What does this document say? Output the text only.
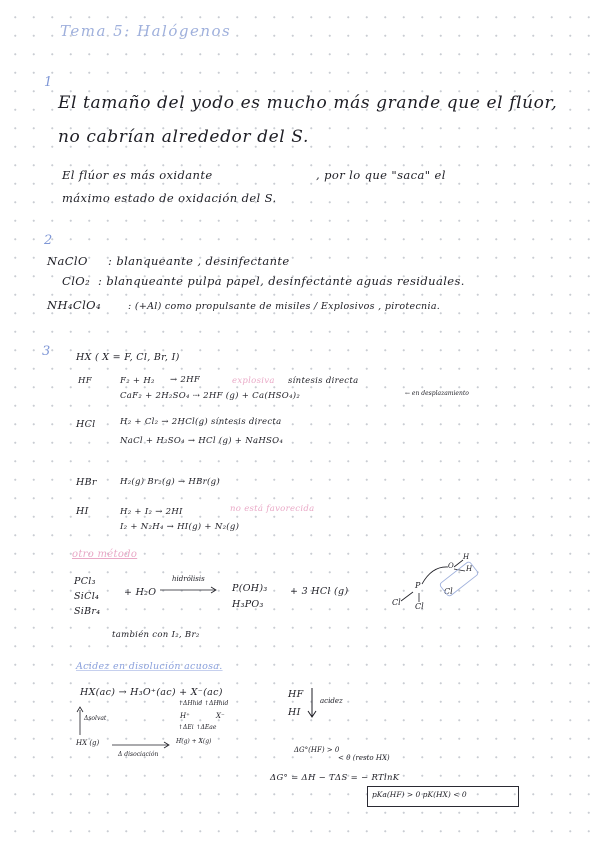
Tema 5: Halógenos
1
El tamaño del yodo es mucho más grande que el flúor,
no cabrían alrededor del S.
El flúor es más oxidante	, por lo que "saca" el
máximo estado de oxidación del S.
2
NaClO : blanqueante , desinfectante
ClO₂ : blanqueante pulpa papel, desinfectante aguas residuales.
NH₄ClO₄	: (+Al) como propulsante de misiles / Explosivos , pirotecnia.
3	HX ( X = F, Cl, Br, I)
HF	F₂ + H₂ → 2HF	explosiva síntesis directa
CaF₂ + 2H₂SO₄ ⇢ 2HF (g) + Ca(HSO₄)₂	← en desplazamiento
HCl	H₂ + Cl₂ → 2HCl(g) síntesis directa
NaCl + H₂SO₄ → HCl (g) + NaHSO₄
HBr	H₂(g) Br₂(g) → HBr(g)
HI	H₂ + I₂ → 2HI	no está favorecida
I₂ + N₂H₄ → HI(g) + N₂(g)
otro método
PCl₃
SiCl₄
SiBr₄
+ H₂O
hidrólisis
P(OH)₃
H₃PO₃
+ 3 HCl (g)
también con I₂, Br₂
P
Cl Cl
Cl
O
H
H
Acidez en disolución acuosa.
HX(ac) → H₃O⁺(ac) + X⁻(ac)
↑ΔHhid ↑ΔHhid
H⁺	X⁻
↑ΔEi ↑ΔEae
H(g) + X(g)
Δsolvat
HX (g)
Δ disociación
HF
HI
acidez
ΔG°(HF) > 0
< 0 (resto HX)
ΔG° = ΔH − TΔS = − RTlnK
pKa(HF) > 0 pK(HX) < 0
